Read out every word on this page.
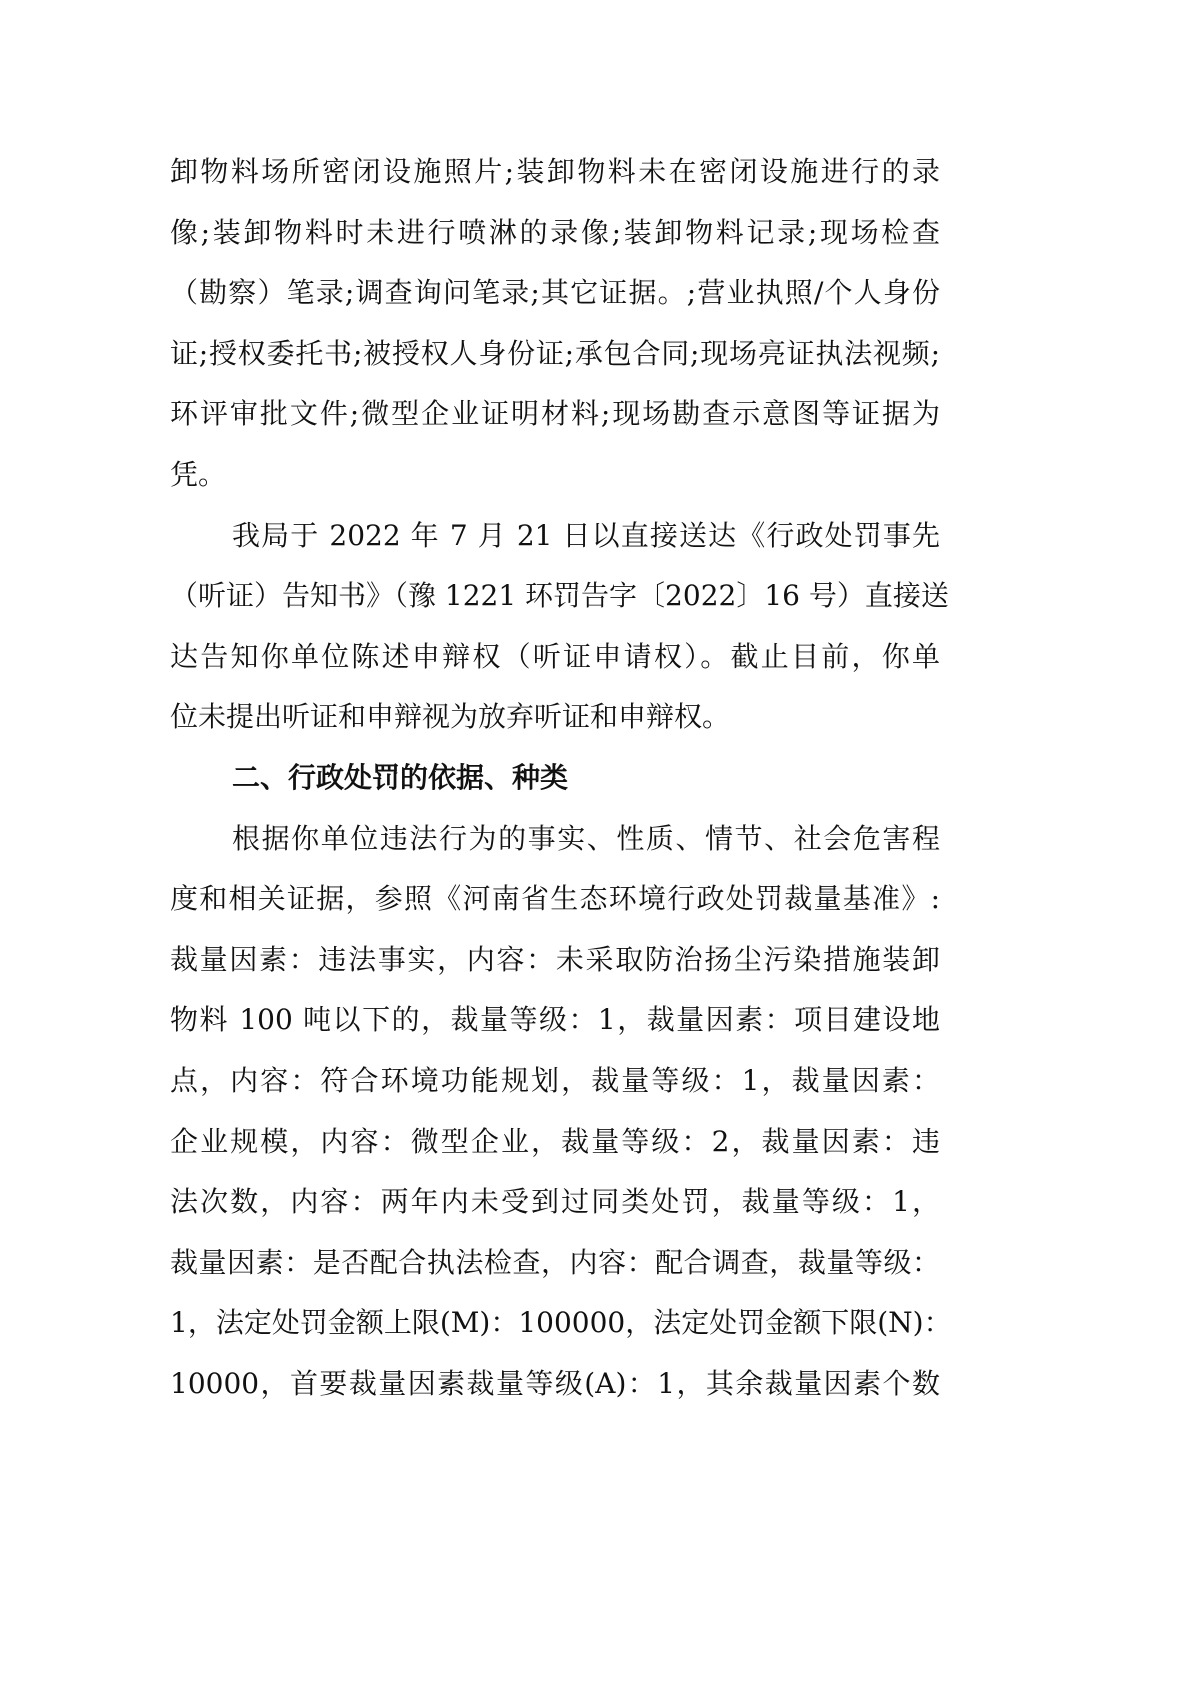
卸物料场所密闭设施照片;装卸物料未在密闭设施进行的录
像;装卸物料时未进行喷淋的录像;装卸物料记录;现场检查
（勘察）笔录;调查询问笔录;其它证据。;营业执照/个人身份
证;授权委托书;被授权人身份证;承包合同;现场亮证执法视频;
环评审批文件;微型企业证明材料;现场勘查示意图等证据为
凭。
我局于 2022 年 7 月 21 日以直接送达《行政处罚事先
（听证）告知书》（豫 1221 环罚告字〔2022〕16 号）直接送
达告知你单位陈述申辩权（听证申请权）。截止目前，你单
位未提出听证和申辩视为放弃听证和申辩权。
二、行政处罚的依据、种类
根据你单位违法行为的事实、性质、情节、社会危害程
度和相关证据，参照《河南省生态环境行政处罚裁量基准》:
裁量因素：违法事实，内容：未采取防治扬尘污染措施装卸
物料 100 吨以下的，裁量等级：1，裁量因素：项目建设地
点，内容：符合环境功能规划，裁量等级：1，裁量因素：
企业规模，内容：微型企业，裁量等级：2，裁量因素：违
法次数，内容：两年内未受到过同类处罚，裁量等级：1，
裁量因素：是否配合执法检查，内容：配合调查，裁量等级：
1，法定处罚金额上限(M)：100000，法定处罚金额下限(N)：
10000，首要裁量因素裁量等级(A)：1，其余裁量因素个数
